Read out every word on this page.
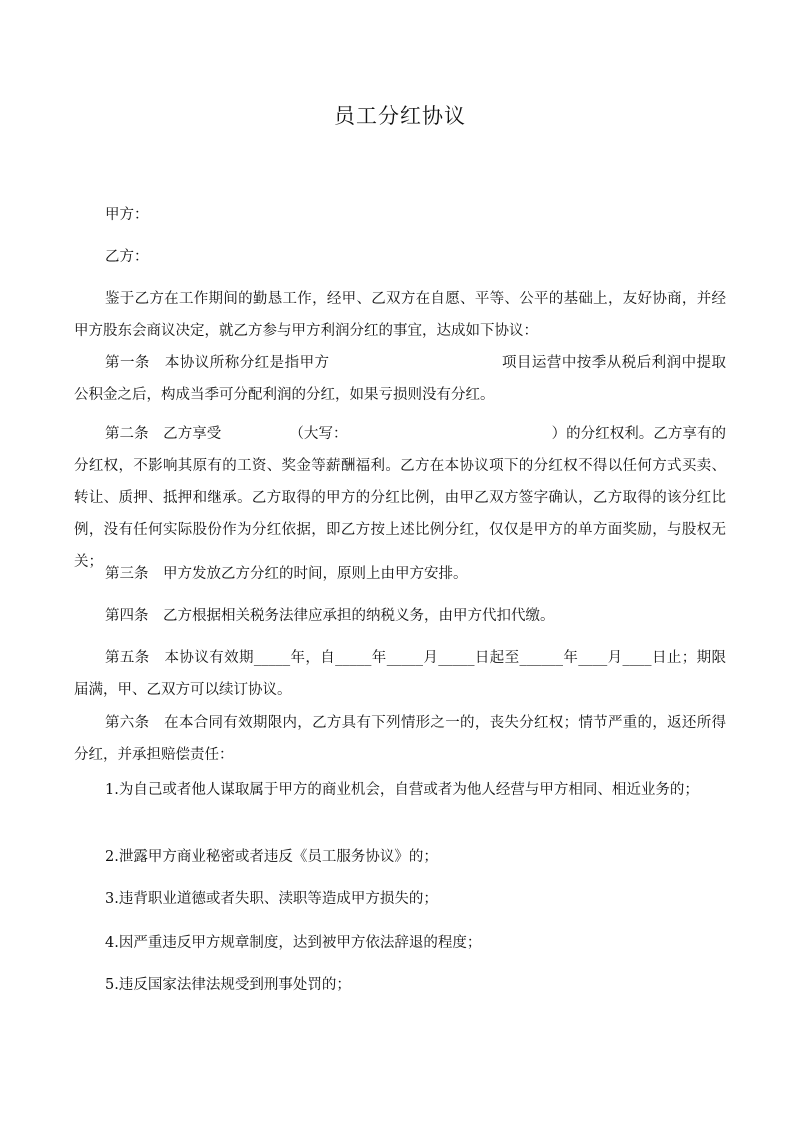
员工分红协议
甲方：
乙方：
鉴于乙方在工作期间的勤恳工作，经甲、乙双方在自愿、平等、公平的基础上，友好协商，并经甲方股东会商议决定，就乙方参与甲方利润分红的事宜，达成如下协议：
第一条　本协议所称分红是指甲方	项目运营中按季从税后利润中提取公积金之后，构成当季可分配利润的分红，如果亏损则没有分红。
第二条　乙方享受	（大写：	）的分红权利。乙方享有的分红权，不影响其原有的工资、奖金等薪酬福利。乙方在本协议项下的分红权不得以任何方式买卖、转让、质押、抵押和继承。乙方取得的甲方的分红比例，由甲乙双方签字确认，乙方取得的该分红比例，没有任何实际股份作为分红依据，即乙方按上述比例分红，仅仅是甲方的单方面奖励，与股权无关；
第三条　甲方发放乙方分红的时间，原则上由甲方安排。
第四条　乙方根据相关税务法律应承担的纳税义务，由甲方代扣代缴。
第五条　本协议有效期_____年，自_____年_____月_____日起至______年____月____日止；期限届满，甲、乙双方可以续订协议。
第六条　在本合同有效期限内，乙方具有下列情形之一的，丧失分红权；情节严重的，返还所得分红，并承担赔偿责任：
1.为自己或者他人谋取属于甲方的商业机会，自营或者为他人经营与甲方相同、相近业务的；
2.泄露甲方商业秘密或者违反《员工服务协议》的；
3.违背职业道德或者失职、渎职等造成甲方损失的；
4.因严重违反甲方规章制度，达到被甲方依法辞退的程度；
5.违反国家法律法规受到刑事处罚的；
